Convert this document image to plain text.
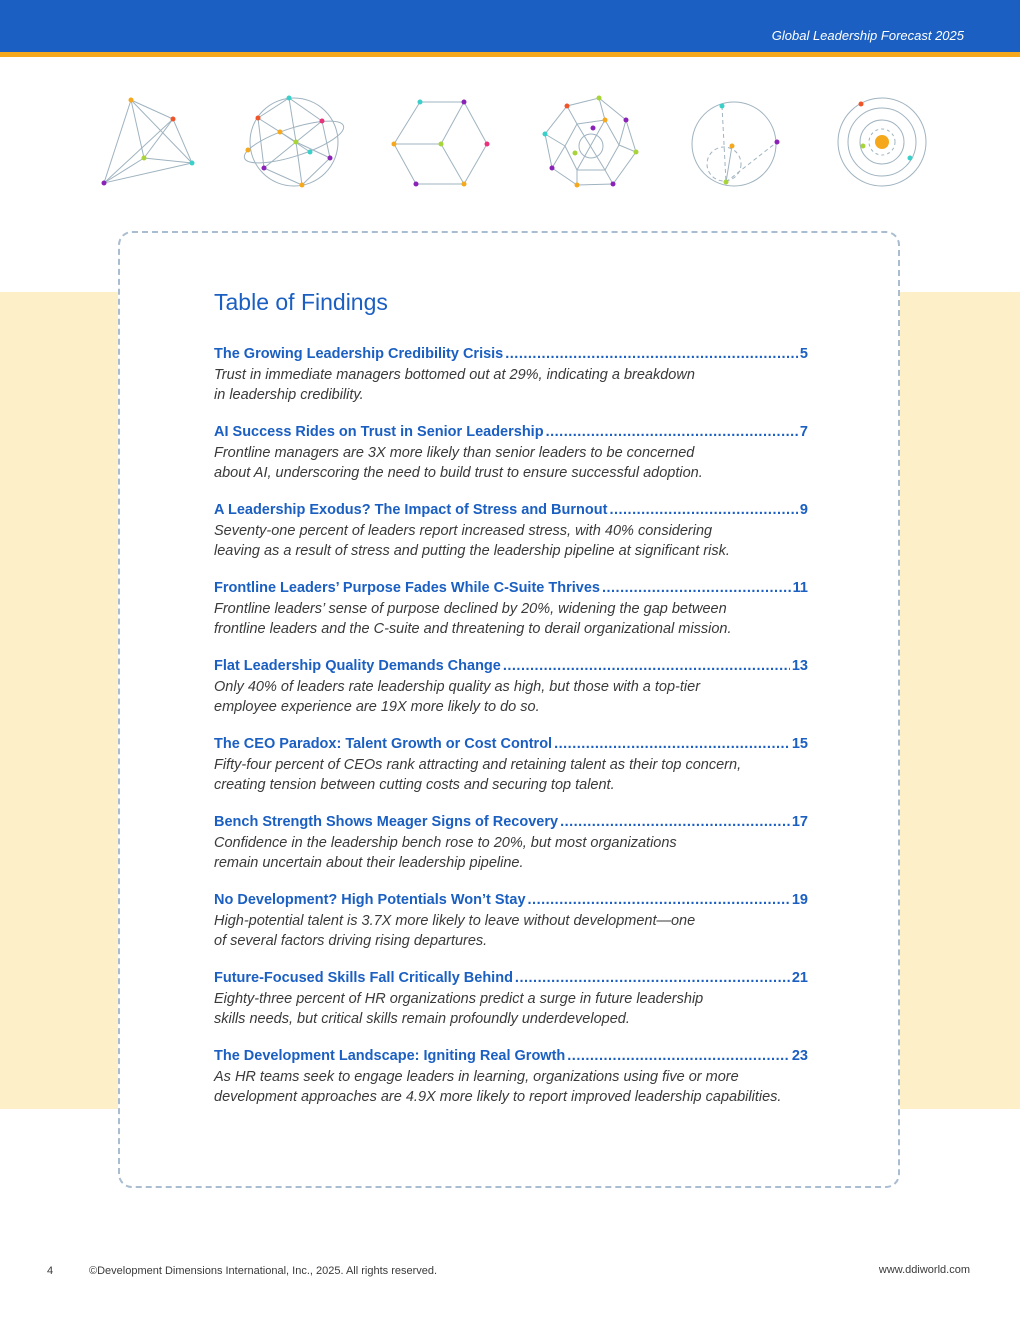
Global Leadership Forecast 2025
Table of Findings
The Growing Leadership Credibility Crisis .....	5
Trust in immediate managers bottomed out at 29%, indicating a breakdown
in leadership credibility.
AI Success Rides on Trust in Senior Leadership .....	7
Frontline managers are 3X more likely than senior leaders to be concerned
about AI, underscoring the need to build trust to ensure successful adoption.
A Leadership Exodus? The Impact of Stress and Burnout .....	9
Seventy-one percent of leaders report increased stress, with 40% considering
leaving as a result of stress and putting the leadership pipeline at significant risk.
Frontline Leaders’ Purpose Fades While C-Suite Thrives .....	11
Frontline leaders’ sense of purpose declined by 20%, widening the gap between
frontline leaders and the C-suite and threatening to derail organizational mission.
Flat Leadership Quality Demands Change .....	13
Only 40% of leaders rate leadership quality as high, but those with a top-tier
employee experience are 19X more likely to do so.
The CEO Paradox: Talent Growth or Cost Control .....	15
Fifty-four percent of CEOs rank attracting and retaining talent as their top concern,
creating tension between cutting costs and securing top talent.
Bench Strength Shows Meager Signs of Recovery .....	17
Confidence in the leadership bench rose to 20%, but most organizations
remain uncertain about their leadership pipeline.
No Development? High Potentials Won’t Stay .....	19
High-potential talent is 3.7X more likely to leave without development—one
of several factors driving rising departures.
Future-Focused Skills Fall Critically Behind .....	21
Eighty-three percent of HR organizations predict a surge in future leadership
skills needs, but critical skills remain profoundly underdeveloped.
The Development Landscape: Igniting Real Growth .....	23
As HR teams seek to engage leaders in learning, organizations using five or more
development approaches are 4.9X more likely to report improved leadership capabilities.
4	©Development Dimensions International, Inc., 2025. All rights reserved.	www.ddiworld.com
